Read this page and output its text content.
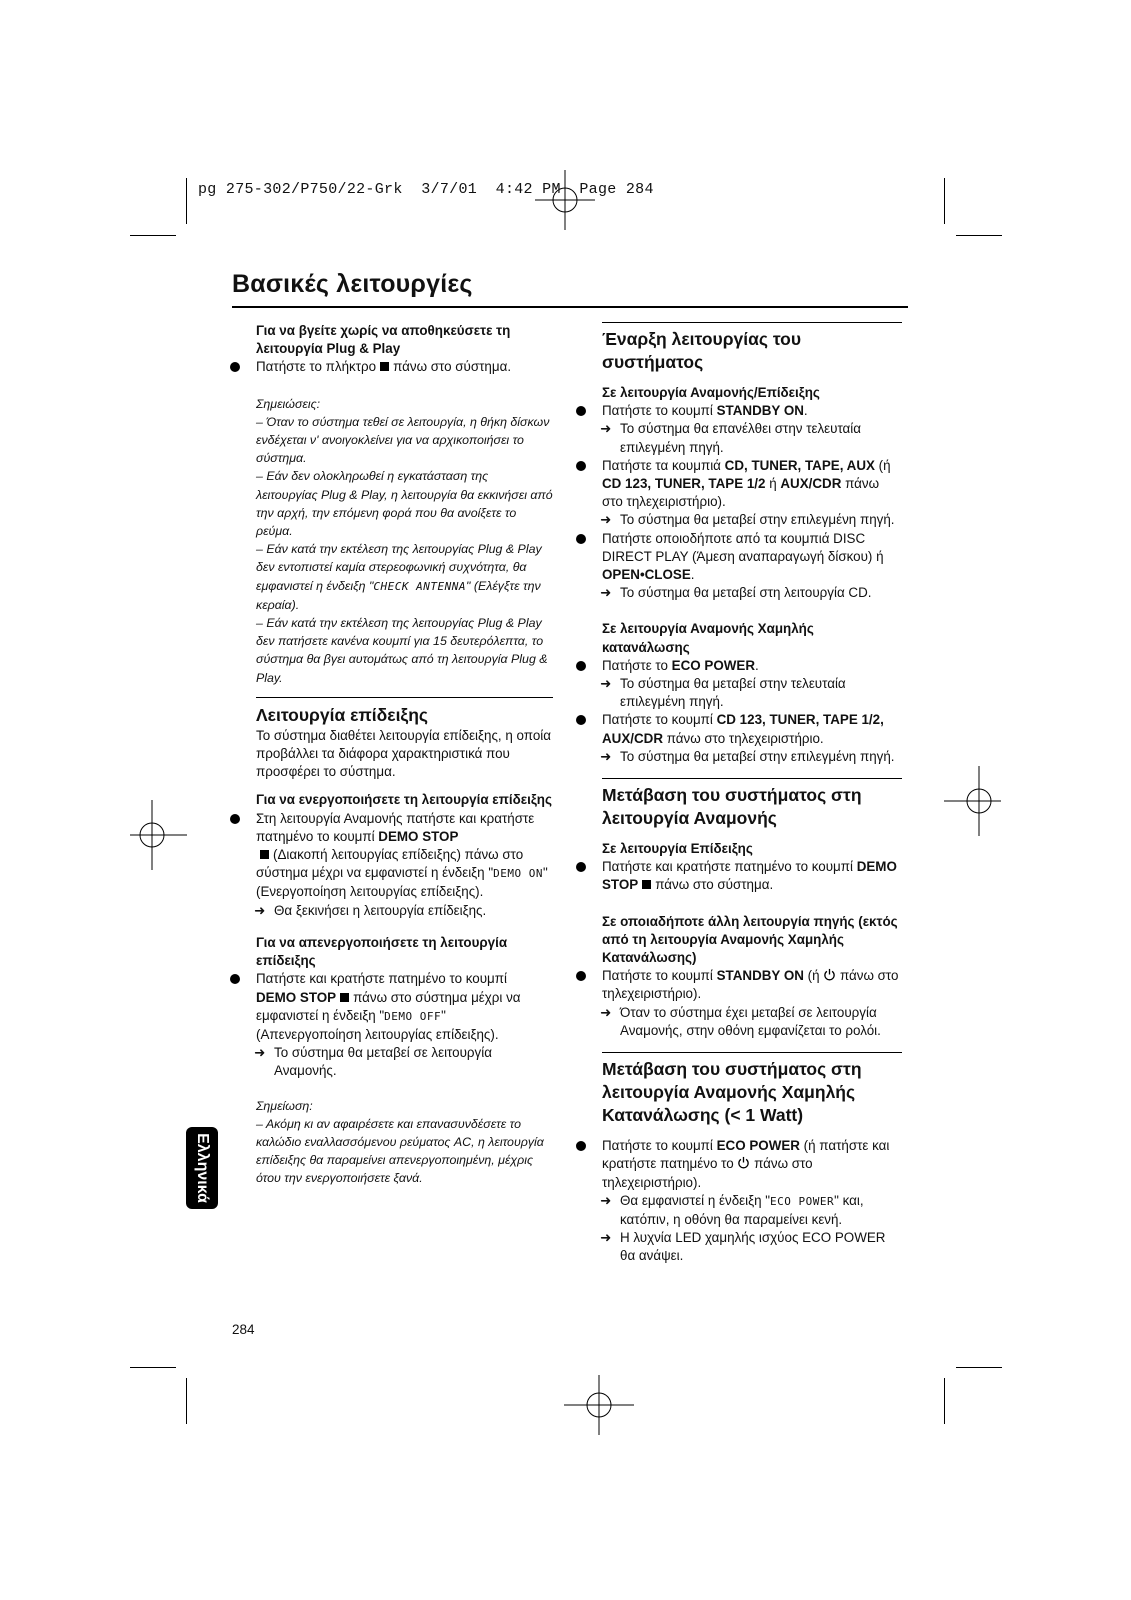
pg 275-302/P750/22-Grk  3/7/01  4:42 PM  Page 284
Βασικές λειτουργίες

Για να βγείτε χωρίς να αποθηκεύσετε τη λειτουργία Plug & Play

Πατήστε το πλήκτρο πάνω στο σύστημα.

Σημειώσεις:

– Όταν το σύστημα τεθεί σε λειτουργία, η θήκη δίσκων ενδέχεται ν' ανοιγοκλείνει για να αρχικοποιήσει το σύστημα.

– Εάν δεν ολοκληρωθεί η εγκατάσταση της λειτουργίας Plug & Play, η λειτουργία θα εκκινήσει από την αρχή, την επόμενη φορά που θα ανοίξετε το ρεύμα.

– Εάν κατά την εκτέλεση της λειτουργίας Plug & Play δεν εντοπιστεί καμία στερεοφωνική συχνότητα, θα εμφανιστεί η ένδειξη "CHECK ANTENNA" (Ελέγξτε την κεραία).

– Εάν κατά την εκτέλεση της λειτουργίας Plug & Play δεν πατήσετε κανένα κουμπί για 15 δευτερόλεπτα, το σύστημα θα βγει αυτομάτως από τη λειτουργία Plug & Play.

Λειτουργία επίδειξης

Το σύστημα διαθέτει λειτουργία επίδειξης, η οποία προβάλλει τα διάφορα χαρακτηριστικά που προσφέρει το σύστημα.

Για να ενεργοποιήσετε τη λειτουργία επίδειξης

Στη λειτουργία Αναμονής πατήστε και κρατήστε πατημένο το κουμπί DEMO STOP
(Διακοπή λειτουργίας επίδειξης) πάνω στο σύστημα μέχρι να εμφανιστεί η ένδειξη "DEMO ON" (Ενεργοποίηση λειτουργίας επίδειξης).
➜ Θα ξεκινήσει η λειτουργία επίδειξης.

Για να απενεργοποιήσετε τη λειτουργία επίδειξης

Πατήστε και κρατήστε πατημένο το κουμπί
DEMO STOP πάνω στο σύστημα μέχρι να εμφανιστεί η ένδειξη "DEMO OFF" (Απενεργοποίηση λειτουργίας επίδειξης).
➜ Το σύστημα θα μεταβεί σε λειτουργία Αναμονής.

Σημείωση:

– Ακόμη κι αν αφαιρέσετε και επανασυνδέσετε το καλώδιο εναλλασσόμενου ρεύματος AC, η λειτουργία επίδειξης θα παραμείνει απενεργοποιημένη, μέχρις ότου την ενεργοποιήσετε ξανά.

Έναρξη λειτουργίας του συστήματος

Σε λειτουργία Αναμονής/Επίδειξης

Πατήστε το κουμπί STANDBY ON.
➜ Το σύστημα θα επανέλθει στην τελευταία επιλεγμένη πηγή.
Πατήστε τα κουμπιά CD, TUNER, TAPE, AUX (ή CD 123, TUNER, TAPE 1/2 ή AUX/CDR πάνω στο τηλεχειριστήριο).
➜ Το σύστημα θα μεταβεί στην επιλεγμένη πηγή.
Πατήστε οποιοδήποτε από τα κουμπιά DISC DIRECT PLAY (Άμεση αναπαραγωγή δίσκου) ή OPEN•CLOSE.
➜ Το σύστημα θα μεταβεί στη λειτουργία CD.

Σε λειτουργία Αναμονής Χαμηλής κατανάλωσης

Πατήστε το ECO POWER.
➜ Το σύστημα θα μεταβεί στην τελευταία επιλεγμένη πηγή.
Πατήστε το κουμπί CD 123, TUNER, TAPE 1/2, AUX/CDR πάνω στο τηλεχειριστήριο.
➜ Το σύστημα θα μεταβεί στην επιλεγμένη πηγή.

Μετάβαση του συστήματος στη λειτουργία Αναμονής

Σε λειτουργία Επίδειξης

Πατήστε και κρατήστε πατημένο το κουμπί DEMO STOP πάνω στο σύστημα.

Σε οποιαδήποτε άλλη λειτουργία πηγής (εκτός από τη λειτουργία Αναμονής Χαμηλής Κατανάλωσης)

Πατήστε το κουμπί STANDBY ON (ή  πάνω στο τηλεχειριστήριο).
➜ Όταν το σύστημα έχει μεταβεί σε λειτουργία Αναμονής, στην οθόνη εμφανίζεται το ρολόι.

Μετάβαση του συστήματος στη λειτουργία Αναμονής Χαμηλής Κατανάλωσης (< 1 Watt)

Πατήστε το κουμπί ECO POWER (ή πατήστε και κρατήστε πατημένο το  πάνω στο τηλεχειριστήριο).
➜ Θα εμφανιστεί η ένδειξη "ECO POWER" και, κατόπιν, η οθόνη θα παραμείνει κενή.
➜ Η λυχνία LED χαμηλής ισχύος ECO POWER θα ανάψει.
Ελληνικά
284
